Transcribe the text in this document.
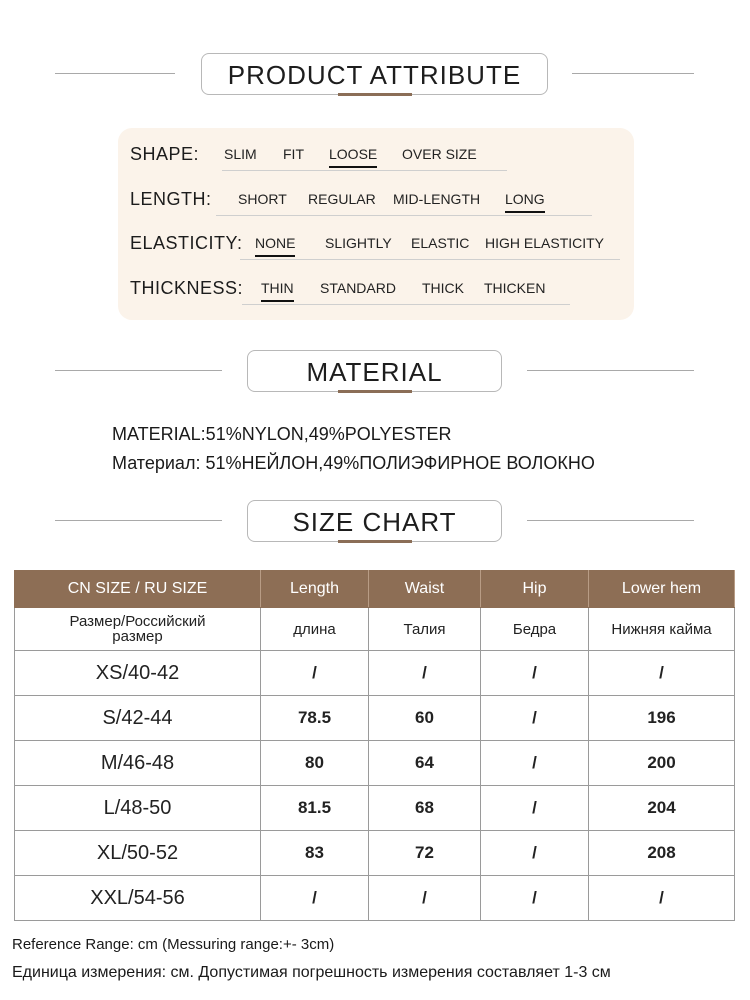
PRODUCT ATTRIBUTE
SHAPE: SLIM FIT LOOSE OVER SIZE
LENGTH: SHORT REGULAR MID-LENGTH LONG
ELASTICITY: NONE SLIGHTLY ELASTIC HIGH ELASTICITY
THICKNESS: THIN STANDARD THICK THICKEN
MATERIAL
MATERIAL:51%NYLON,49%POLYESTER
Материал: 51%НЕЙЛОН,49%ПОЛИЭФИРНОЕ ВОЛОКНО
SIZE CHART
CN SIZE / RU SIZE	Length	Waist	Hip	Lower hem
Размер/Российский размер	длина	Талия	Бедра	Нижняя кайма
XS/40-42	/	/	/	/
S/42-44	78.5	60	/	196
M/46-48	80	64	/	200
L/48-50	81.5	68	/	204
XL/50-52	83	72	/	208
XXL/54-56	/	/	/	/
Reference Range: cm (Messuring range:+- 3cm)
Единица измерения: см. Допустимая погрешность измерения составляет 1-3 см
